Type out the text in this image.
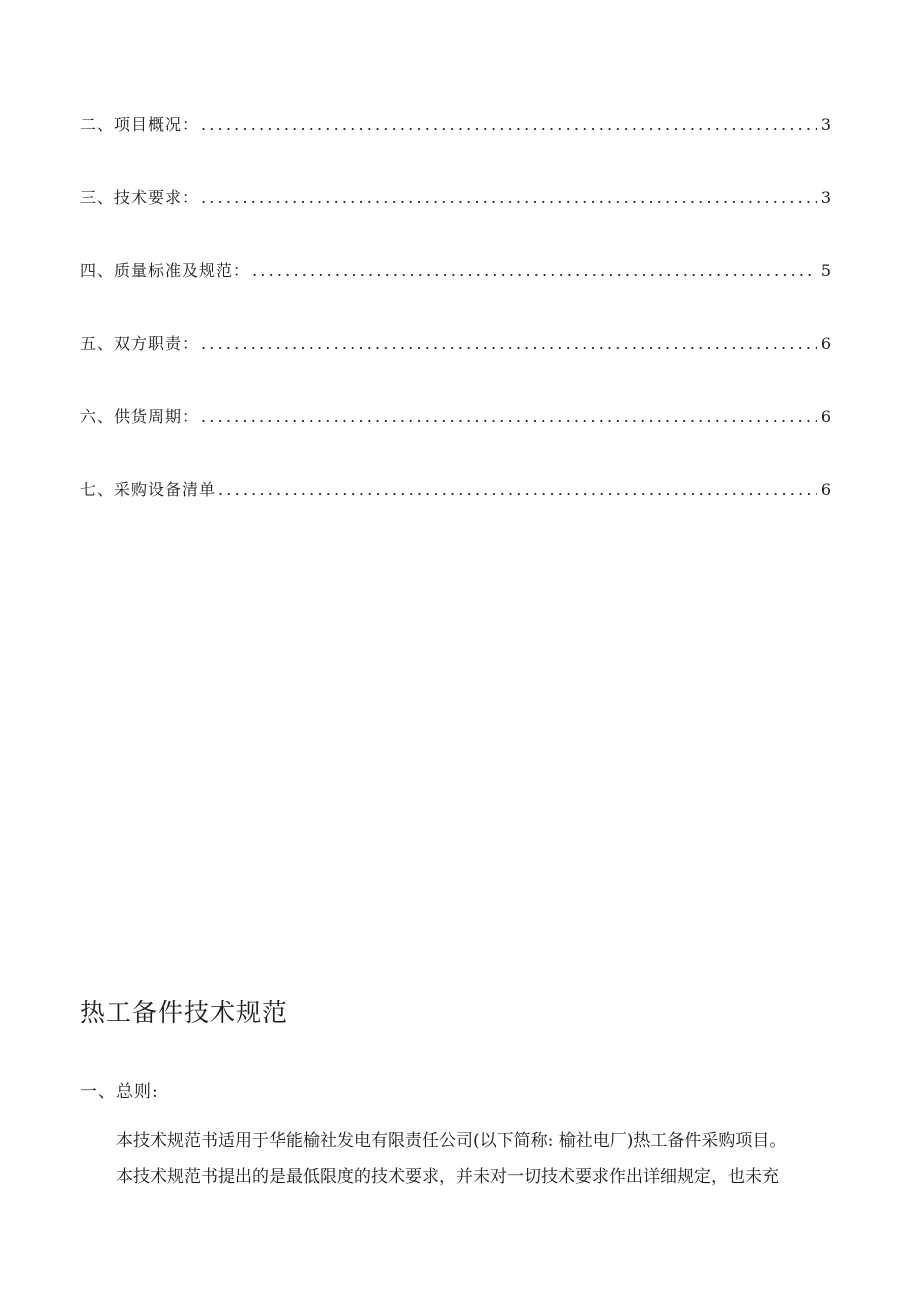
二、项目概况： .....	3
三、技术要求： .....	3
四、质量标准及规范： .....	5
五、双方职责： .....	6
六、供货周期： .....	6
七、采购设备清单 .....	6
热工备件技术规范
一、总则:

本技术规范书适用于华能榆社发电有限责任公司(以下简称: 榆社电厂)热工备件采购项目。

本技术规范书提出的是最低限度的技术要求，并未对一切技术要求作出详细规定，也未充
